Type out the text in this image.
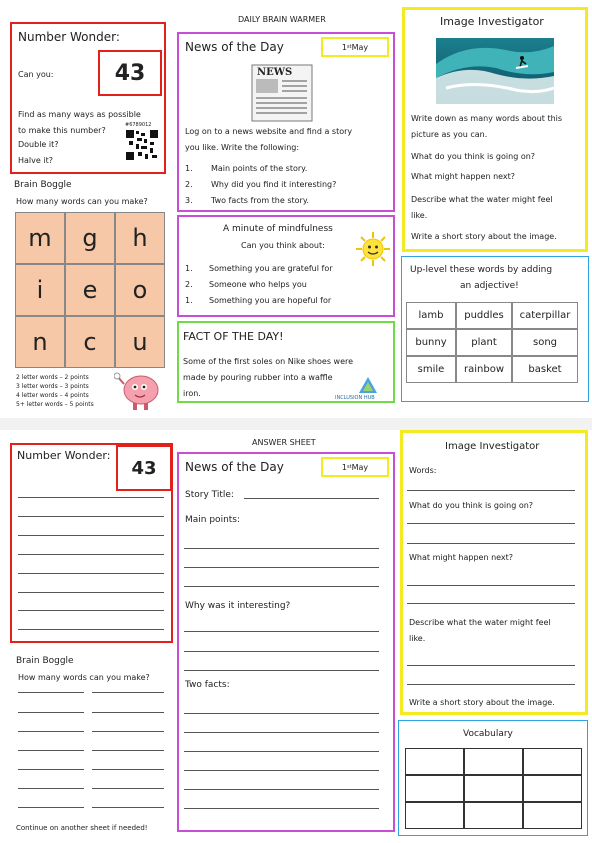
DAILY BRAIN WARMER
Number Wonder:
Can you:	43
Find as many ways as possible
to make this number?
Double it?
Halve it?
#6789012
Brain Boggle
How many words can you make?
m	g	h
i	e	o
n	c	u
2 letter words – 2 points
3 letter words – 3 points
4 letter words – 4 points
5+ letter words – 5 points
News of the Day	1 st May
NEWS
Log on to a news website and find a story
you like. Write the following:
1. Main points of the story.
2. Why did you find it interesting?
3. Two facts from the story.
A minute of mindfulness
Can you think about:
1. Something you are grateful for
2. Someone who helps you
1. Something you are hopeful for
FACT OF THE DAY!
Some of the first soles on Nike shoes were
made by pouring rubber into a waffle
iron.	INCLUSION HUB
Image Investigator
Write down as many words about this
picture as you can.
What do you think is going on?
What might happen next?
Describe what the water might feel
like.
Write a short story about the image.
Up-level these words by adding
an adjective!
lamb	puddles	caterpillar
bunny	plant	song
smile	rainbow	basket
ANSWER SHEET
Number Wonder:
43
Brain Boggle
How many words can you make?
Continue on another sheet if needed!
News of the Day	1 st May
Story Title:
Main points:
Why was it interesting?
Two facts:
Image Investigator
Words:
What do you think is going on?
What might happen next?
Describe what the water might feel
like.
Write a short story about the image.
Vocabulary
